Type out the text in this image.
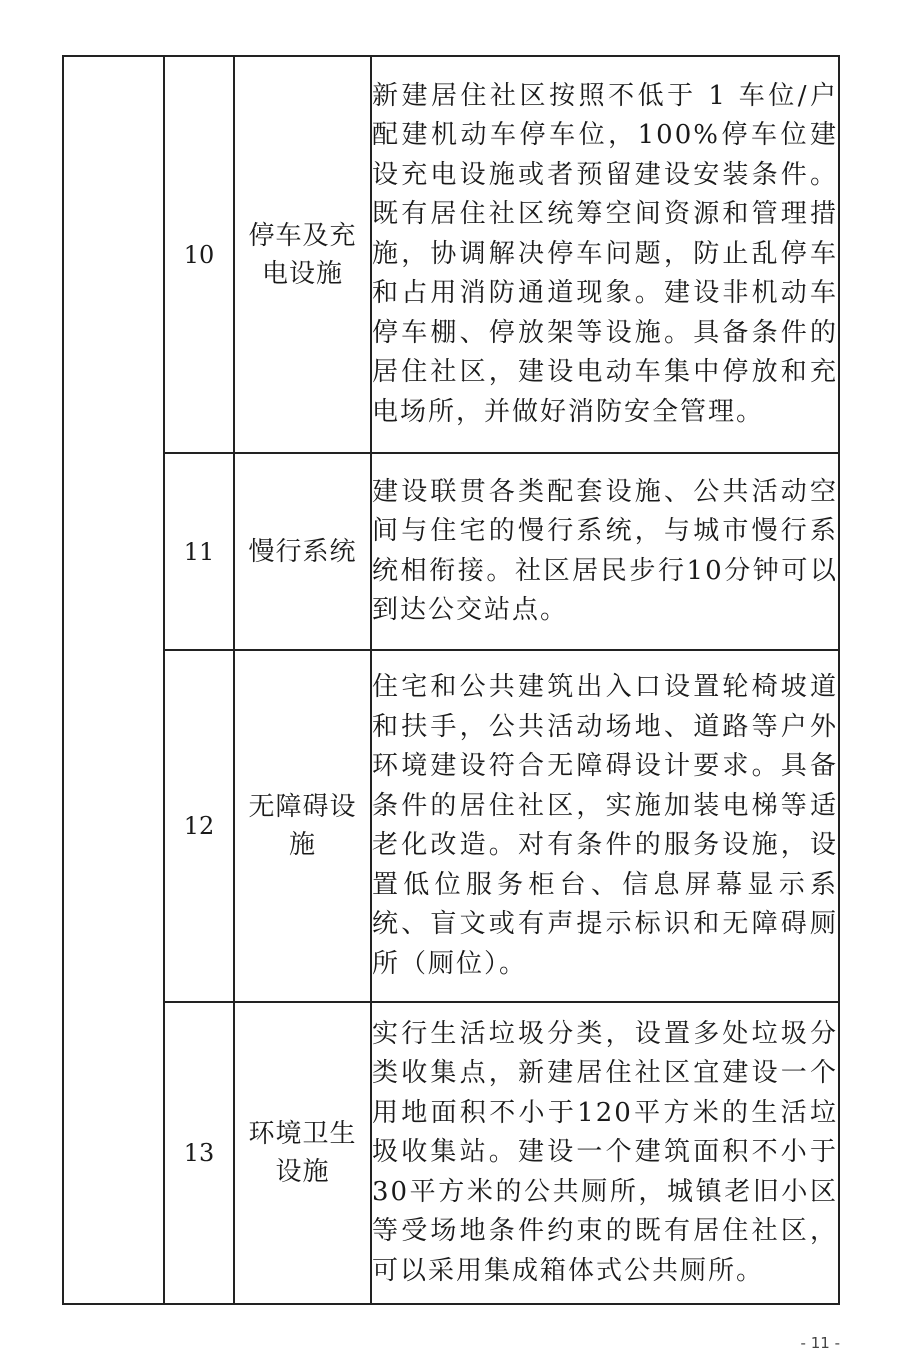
	10	停车及充电设施	新建居住社区按照不低于 1 车位/户配建机动车停车位，100%停车位建设充电设施或者预留建设安装条件。既有居住社区统筹空间资源和管理措施，协调解决停车问题，防止乱停车和占用消防通道现象。建设非机动车停车棚、停放架等设施。具备条件的居住社区，建设电动车集中停放和充电场所，并做好消防安全管理。
	11	慢行系统	建设联贯各类配套设施、公共活动空间与住宅的慢行系统，与城市慢行系统相衔接。社区居民步行10分钟可以到达公交站点。
	12	无障碍设施	住宅和公共建筑出入口设置轮椅坡道和扶手，公共活动场地、道路等户外环境建设符合无障碍设计要求。具备条件的居住社区，实施加装电梯等适老化改造。对有条件的服务设施，设置低位服务柜台、信息屏幕显示系统、盲文或有声提示标识和无障碍厕所（厕位）。
	13	环境卫生设施	实行生活垃圾分类，设置多处垃圾分类收集点，新建居住社区宜建设一个用地面积不小于120平方米的生活垃圾收集站。建设一个建筑面积不小于30平方米的公共厕所，城镇老旧小区等受场地条件约束的既有居住社区，可以采用集成箱体式公共厕所。
- 11 -
